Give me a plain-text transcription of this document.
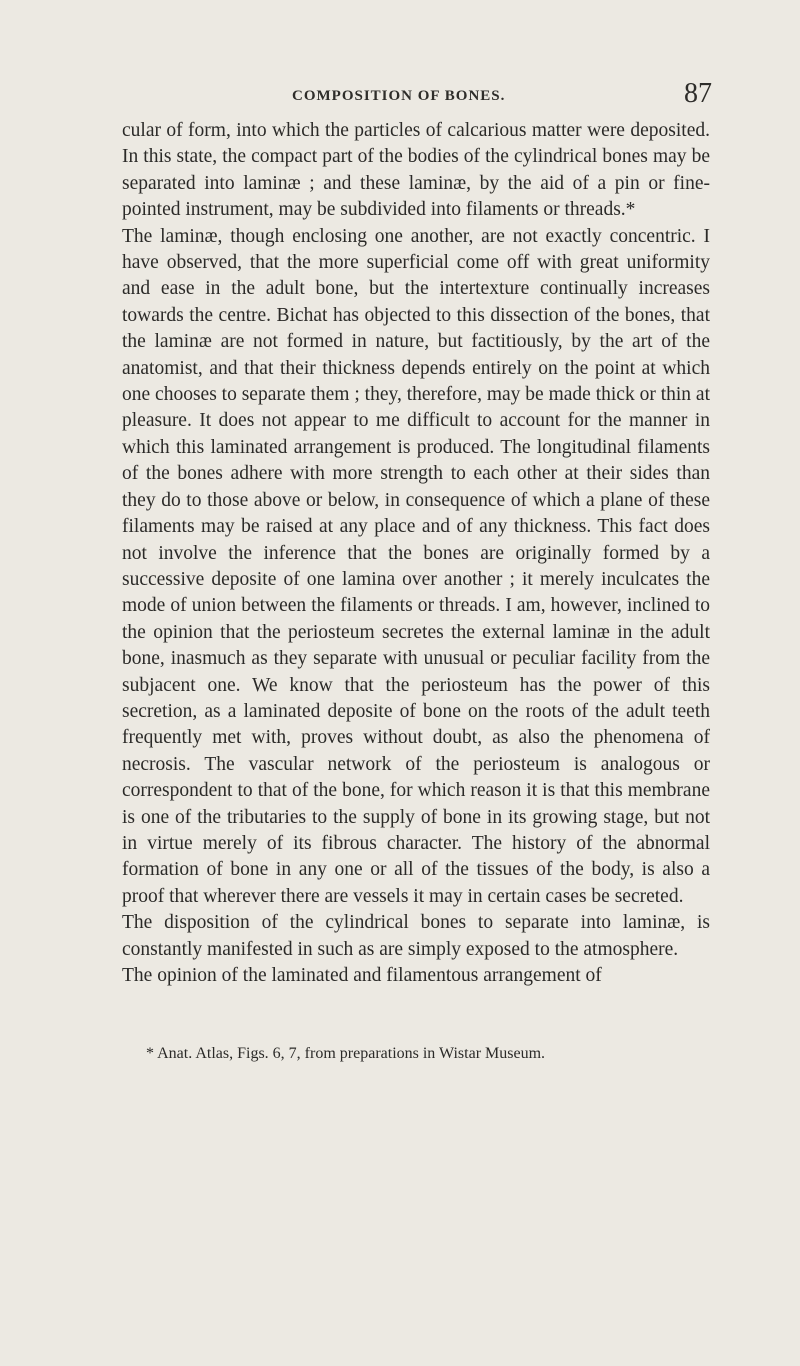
COMPOSITION OF BONES.	87

cular of form, into which the particles of calcarious matter were deposited. In this state, the compact part of the bodies of the cylindrical bones may be separated into laminæ ; and these laminæ, by the aid of a pin or fine-pointed instrument, may be subdivided into filaments or threads.*

The laminæ, though enclosing one another, are not exactly concentric. I have observed, that the more superficial come off with great uniformity and ease in the adult bone, but the intertexture continually increases towards the centre. Bichat has objected to this dissection of the bones, that the laminæ are not formed in nature, but factitiously, by the art of the anatomist, and that their thickness depends entirely on the point at which one chooses to separate them ; they, therefore, may be made thick or thin at pleasure. It does not appear to me difficult to account for the manner in which this laminated arrangement is produced. The longitudinal filaments of the bones adhere with more strength to each other at their sides than they do to those above or below, in consequence of which a plane of these filaments may be raised at any place and of any thickness. This fact does not involve the inference that the bones are originally formed by a successive deposite of one lamina over another ; it merely inculcates the mode of union between the filaments or threads. I am, however, inclined to the opinion that the periosteum secretes the external laminæ in the adult bone, inasmuch as they separate with unusual or peculiar facility from the subjacent one. We know that the periosteum has the power of this secretion, as a laminated deposite of bone on the roots of the adult teeth frequently met with, proves without doubt, as also the phenomena of necrosis. The vascular network of the periosteum is analogous or correspondent to that of the bone, for which reason it is that this membrane is one of the tributaries to the supply of bone in its growing stage, but not in virtue merely of its fibrous character. The history of the abnormal formation of bone in any one or all of the tissues of the body, is also a proof that wherever there are vessels it may in certain cases be secreted.

The disposition of the cylindrical bones to separate into laminæ, is constantly manifested in such as are simply exposed to the atmosphere.

The opinion of the laminated and filamentous arrangement of

* Anat. Atlas, Figs. 6, 7, from preparations in Wistar Museum.
